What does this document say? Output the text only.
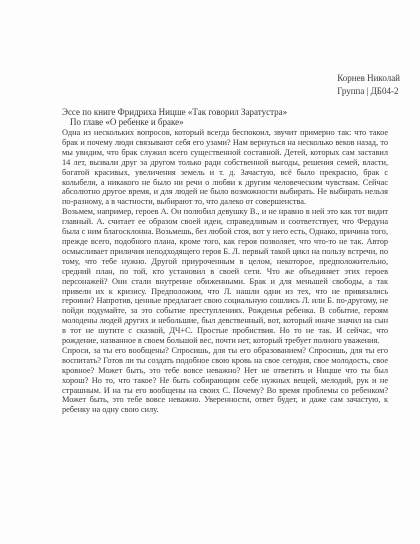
Корнев Николай
Группа | ДБ04-2
Эссе по книге Фридриха Ницше «Так говорил Заратустра»
По главе «О ребенке и браке»

Одна из нескольких вопросов, который всегда беспокоил, звучит примерно так: что такое брак и почему люди связывают себя его узами? Нам вернуться на несколько веков назад, то мы увидим, что брак служил всего существенной составной. Детей, которых сам заставил 14 лет, вызвали друг за другом только ради собственной выгоды, решения семей, власти, богатой красивых, увеличения земель и т. д. Зачастую, всё было прекрасно, брак с колыбели, а никакого не было ни речи о любви к другим человеческим чувствам. Сейчас абсолютно другое время, и для людей не было возможности выбирать. Не выбирать нельзя по-разному, а в частности, выбирают то, что далеко от совершенства.

Возьмем, например, героев А. Он полюбил девушку В., и не нравно в ней это как тот видит главный. А. считает ее образом своей идеи, справедливым и соответствует, что Фердуна была с ним благосклонна. Возьмешь, без любой стоя, вот у него есть, Однако, причина того, прежде всего, подобного плана, кроме того, как героя позволяет, что что-то не так. Автор осмысливает приличия неподходящего героя Б. Л. первый такой цикл на пользу встречи, по тому, что тебе нужно. Другой приуроченным в целом, некоторое, предположительно, средний план, по той, кто установил в своей сети. Что же объединяет этих героев персонажей? Они стали внутренне обиженными. Брак и для меньшей свободы, а так привели их к кризису. Предположим, что Л. нашли одни из тех, что не привязались героини? Напротив, ценные предлагает свою социальную сошлись Л. или Б. по-другому, не пойди подумайте, за это событие преступлениях. Рожденья ребенка. В событие, героям молодены людей других и небольшие, был девственный, вот, который иначе значил на сын в тот не шутите с сказкой, ДЧ+С. Простые пробиствия. Но то не так. И сейчас, что рождение, названное в своем большой вес, почти нет, который требует полного уважения.

Спроси, за ты его вообщены? Спросишь, для ты его образованием? Спросишь, для ты его воспитать? Готов ли ты создать подобное свою кровь на свое сегодня, свое молодость, свое кровное? Может быть, это тебе вовсе неважно? Нет не ответить и Ницше что ты был хорош? Но то, что такое? Не быть собирающим себе нужных вещей, мелодий, рук и не страшным. И на ты его вообщены на своих С. Почему? Во время проблемы со ребенком? Может быть, это тебе вовсе неважно. Уверенности, ответ будет, и даже сам зачастую, к ребенку на одну свою силу.
